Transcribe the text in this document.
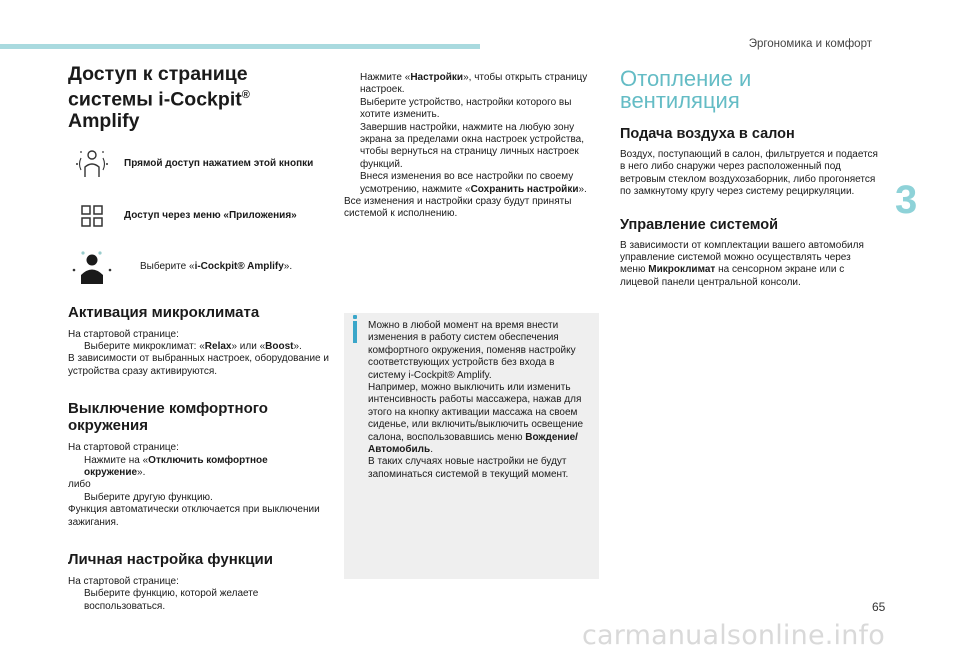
Эргономика и комфорт
3
Доступ к странице
системы i-Cockpit®
Amplify
Прямой доступ нажатием этой кнопки
Доступ через меню «Приложения»
Выберите «i-Cockpit® Amplify».
Активация микроклимата

На стартовой странице:

Выберите микроклимат: «Relax» или «Boost».

В зависимости от выбранных настроек, оборудование и устройства сразу активируются.

Выключение комфортного
окружения

На стартовой странице:

Нажмите на «Отключить комфортное окружение».

либо

Выберите другую функцию.

Функция автоматически отключается при выключении зажигания.

Личная настройка функции

На стартовой странице:

Выберите функцию, которой желаете воспользоваться.
Нажмите «Настройки», чтобы открыть страницу настроек.
Выберите устройство, настройки которого вы хотите изменить.
Завершив настройки, нажмите на любую зону экрана за пределами окна настроек устройства, чтобы вернуться на страницу личных настроек функций.
Внеся изменения во все настройки по своему усмотрению, нажмите «Сохранить настройки».

Все изменения и настройки сразу будут приняты системой к исполнению.

Можно в любой момент на время внести изменения в работу систем обеспечения комфортного окружения, поменяв настройку соответствующих устройств без входа в систему i-Cockpit® Amplify.

Например, можно выключить или изменить интенсивность работы массажера, нажав для этого на кнопку активации массажа на своем сиденье, или включить/выключить освещение салона, воспользовавшись меню Вождение/Автомобиль.

В таких случаях новые настройки не будут запоминаться системой в текущий момент.

Отопление и
вентиляция
Подача воздуха в салон

Воздух, поступающий в салон, фильтруется и подается в него либо снаружи через расположенный под ветровым стеклом воздухозаборник, либо прогоняется по замкнутому кругу через систему рециркуляции.

Управление системой

В зависимости от комплектации вашего автомобиля управление системой можно осуществлять через меню Микроклимат на сенсорном экране или с лицевой панели центральной консоли.

65
carmanualsonline.info
